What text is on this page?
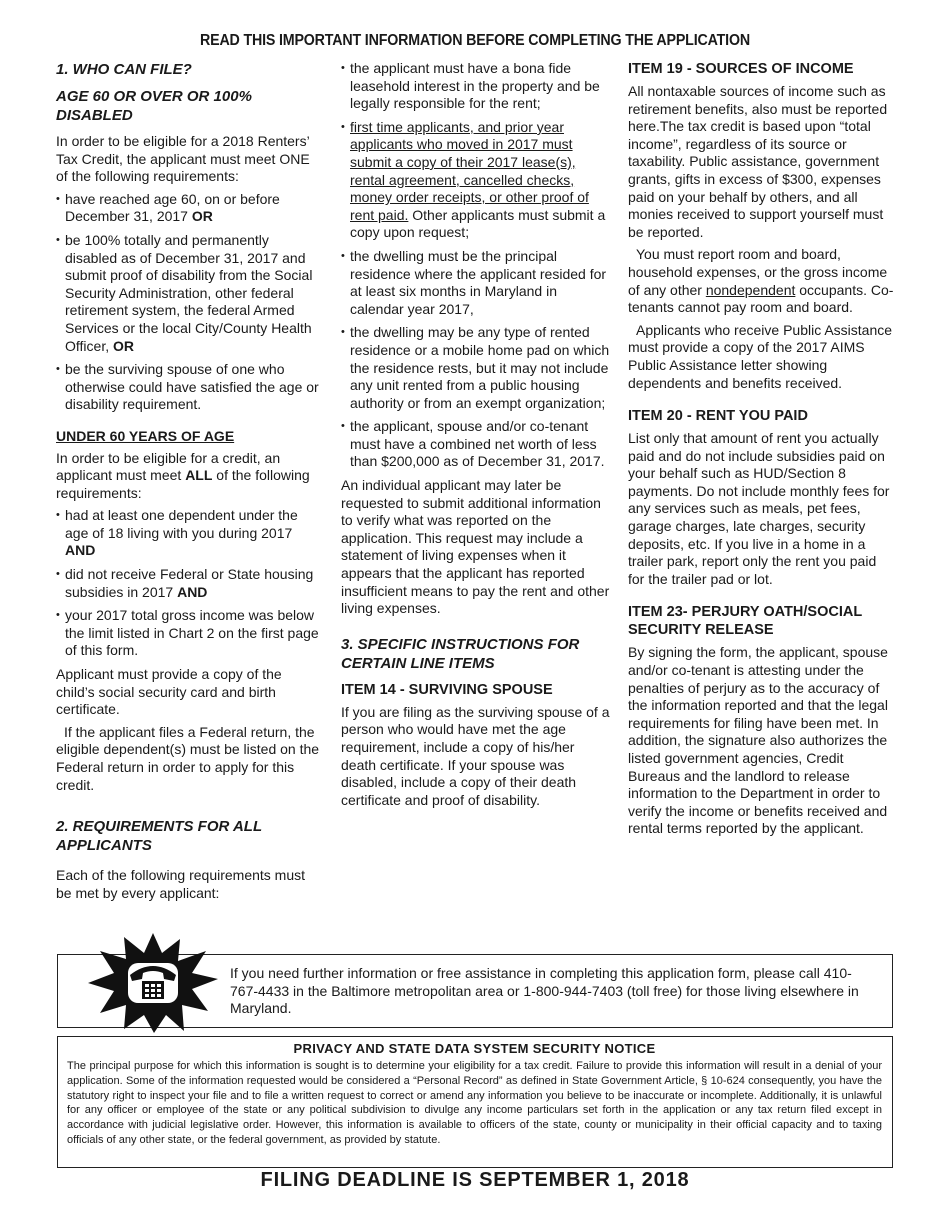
READ THIS IMPORTANT INFORMATION BEFORE COMPLETING THE APPLICATION
1. WHO CAN FILE?
AGE 60 OR OVER OR 100% DISABLED

In order to be eligible for a 2018 Renters’ Tax Credit, the applicant must meet ONE of the following requirements:

• have reached age 60, on or before December 31, 2017 OR
• be 100% totally and permanently disabled as of December 31, 2017 and submit proof of disability from the Social Security Administration, other federal retirement system, the federal Armed Services or the local City/County Health Officer, OR
• be the surviving spouse of one who otherwise could have satisfied the age or disability requirement.
UNDER 60 YEARS OF AGE

In order to be eligible for a credit, an applicant must meet ALL of the following requirements:

• had at least one dependent under the age of 18 living with you during 2017 AND
• did not receive Federal or State housing subsidies in 2017 AND
• your 2017 total gross income was below the limit listed in Chart 2 on the first page of this form.

Applicant must provide a copy of the child’s social security card and birth certificate.

If the applicant files a Federal return, the eligible dependent(s) must be listed on the Federal return in order to apply for this credit.

2. REQUIREMENTS FOR ALL APPLICANTS

Each of the following requirements must be met by every applicant:

• the applicant must have a bona fide leasehold interest in the property and be legally responsible for the rent;
• first time applicants, and prior year applicants who moved in 2017 must submit a copy of their 2017 lease(s), rental agreement, cancelled checks, money order receipts, or other proof of rent paid. Other applicants must submit a copy upon request;
• the dwelling must be the principal residence where the applicant resided for at least six months in Maryland in calendar year 2017,
• the dwelling may be any type of rented residence or a mobile home pad on which the residence rests, but it may not include any unit rented from a public housing authority or from an exempt organization;
• the applicant, spouse and/or co-tenant must have a combined net worth of less than $200,000 as of December 31, 2017.

An individual applicant may later be requested to submit additional information to verify what was reported on the application. This request may include a statement of living expenses when it appears that the applicant has reported insufficient means to pay the rent and other living expenses.

3. SPECIFIC INSTRUCTIONS FOR CERTAIN LINE ITEMS
ITEM 14 - SURVIVING SPOUSE

If you are filing as the surviving spouse of a person who would have met the age requirement, include a copy of his/her death certificate. If your spouse was disabled, include a copy of their death certificate and proof of disability.

ITEM 19 - SOURCES OF INCOME

All nontaxable sources of income such as retirement benefits, also must be reported here.The tax credit is based upon “total income”, regardless of its source or taxability. Public assistance, government grants, gifts in excess of $300, expenses paid on your behalf by others, and all monies received to support yourself must be reported.

You must report room and board, household expenses, or the gross income of any other nondependent occupants. Co-tenants cannot pay room and board.

Applicants who receive Public Assistance must provide a copy of the 2017 AIMS Public Assistance letter showing dependents and benefits received.

ITEM 20 - RENT YOU PAID

List only that amount of rent you actually paid and do not include subsidies paid on your behalf such as HUD/Section 8 payments. Do not include monthly fees for any services such as meals, pet fees, garage charges, late charges, security deposits, etc. If you live in a home in a trailer park, report only the rent you paid for the trailer pad or lot.

ITEM 23- PERJURY OATH/SOCIAL SECURITY RELEASE

By signing the form, the applicant, spouse and/or co-tenant is attesting under the penalties of perjury as to the accuracy of the information reported and that the legal requirements for filing have been met. In addition, the signature also authorizes the listed government agencies, Credit Bureaus and the landlord to release information to the Department in order to verify the income or benefits received and rental terms reported by the applicant.

If you need further information or free assistance in completing this application form, please call 410-767-4433 in the Baltimore metropolitan area or 1-800-944-7403 (toll free) for those living elsewhere in Maryland.
PRIVACY AND STATE DATA SYSTEM SECURITY NOTICE
The principal purpose for which this information is sought is to determine your eligibility for a tax credit. Failure to provide this information will result in a denial of your application. Some of the information requested would be considered a “Personal Record” as defined in State Government Article, § 10-624 consequently, you have the statutory right to inspect your file and to file a written request to correct or amend any information you believe to be inaccurate or incomplete. Additionally, it is unlawful for any officer or employee of the state or any political subdivision to divulge any income particulars set forth in the application or any tax return filed except in accordance with judicial legislative order. However, this information is available to officers of the state, county or municipality in their official capacity and to taxing officials of any other state, or the federal government, as provided by statute.
FILING DEADLINE IS SEPTEMBER 1, 2018
